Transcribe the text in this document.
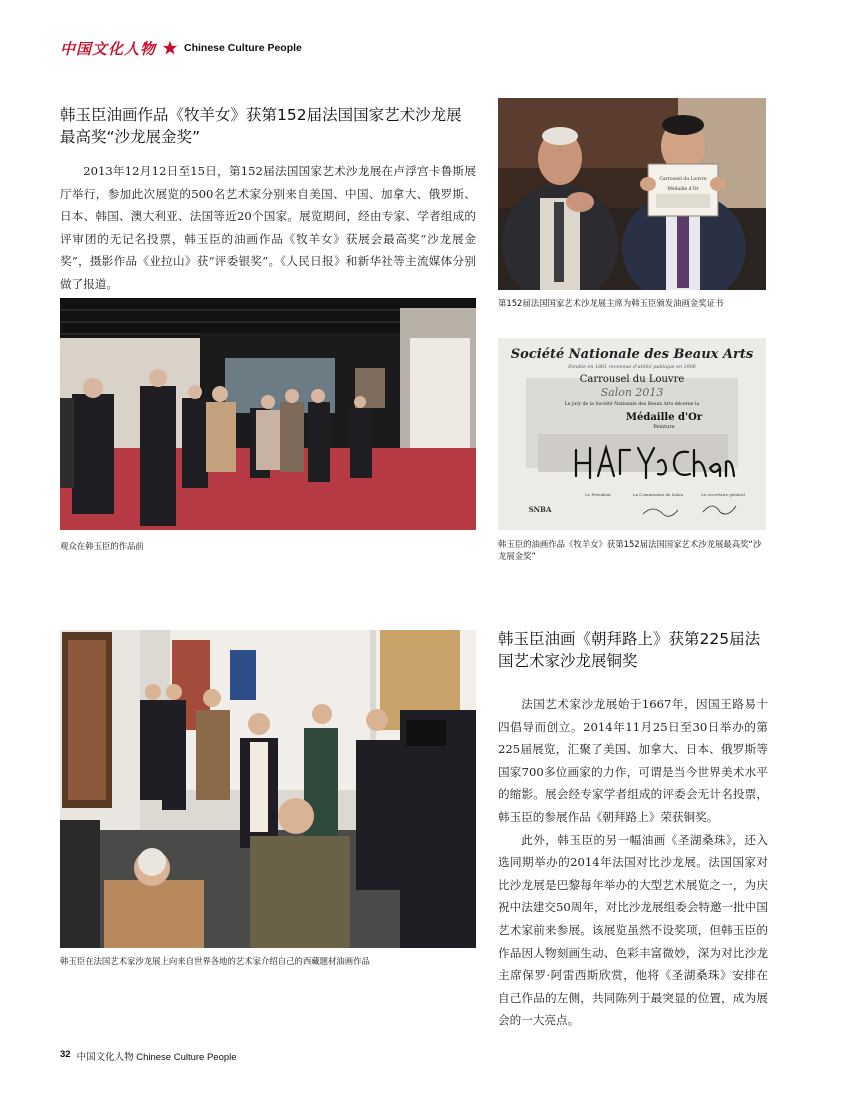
中国文化人物	Chinese Culture People
韩玉臣油画作品《牧羊女》获第152届法国国家艺术沙龙展
最高奖“沙龙展金奖”

2013年12月12日至15日，第152届法国国家艺术沙龙展在卢浮宫卡鲁斯展厅举行，参加此次展览的500名艺术家分别来自美国、中国、加拿大、俄罗斯、日本、韩国、澳大利亚、法国等近20个国家。展览期间，经由专家、学者组成的评审团的无记名投票，韩玉臣的油画作品《牧羊女》获展会最高奖“沙龙展金奖”，摄影作品《业拉山》获“评委银奖”。《人民日报》和新华社等主流媒体分别做了报道。

Carrousel du Louvre
Médaille d'Or
第152届法国国家艺术沙龙展主席为韩玉臣颁发油画金奖证书
观众在韩玉臣的作品前
Société Nationale des Beaux Arts
Fondée en 1861 reconnue d'utilité publique en 1906
Carrousel du Louvre
Salon 2013
Le jury de la Société Nationale des Beaux Arts décerne la
Médaille d'Or
Peinture
SNBA
Le Président	La Commission du Salon	Le secrétaire général
韩玉臣的油画作品《牧羊女》获第152届法国国家艺术沙龙展最高奖“沙龙展金奖”
韩玉臣在法国艺术家沙龙展上向来自世界各地的艺术家介绍自己的西藏题材油画作品
韩玉臣油画《朝拜路上》获第225届法
国艺术家沙龙展铜奖

法国艺术家沙龙展始于1667年，因国王路易十四倡导而创立。2014年11月25日至30日举办的第225届展览，汇聚了美国、加拿大、日本、俄罗斯等国家700多位画家的力作，可谓是当今世界美术水平的缩影。展会经专家学者组成的评委会无计名投票，韩玉臣的参展作品《朝拜路上》荣获铜奖。

此外，韩玉臣的另一幅油画《圣湖桑珠》，还入选同期举办的2014年法国对比沙龙展。法国国家对比沙龙展是巴黎每年举办的大型艺术展览之一，为庆祝中法建交50周年，对比沙龙展组委会特邀一批中国艺术家前来参展。该展览虽然不设奖项，但韩玉臣的作品因人物刻画生动、色彩丰富微妙，深为对比沙龙主席保罗·阿雷西斯欣赏，他将《圣湖桑珠》安排在自己作品的左侧，共同陈列于最突显的位置，成为展会的一大亮点。

32 中国文化人物 Chinese Culture People
